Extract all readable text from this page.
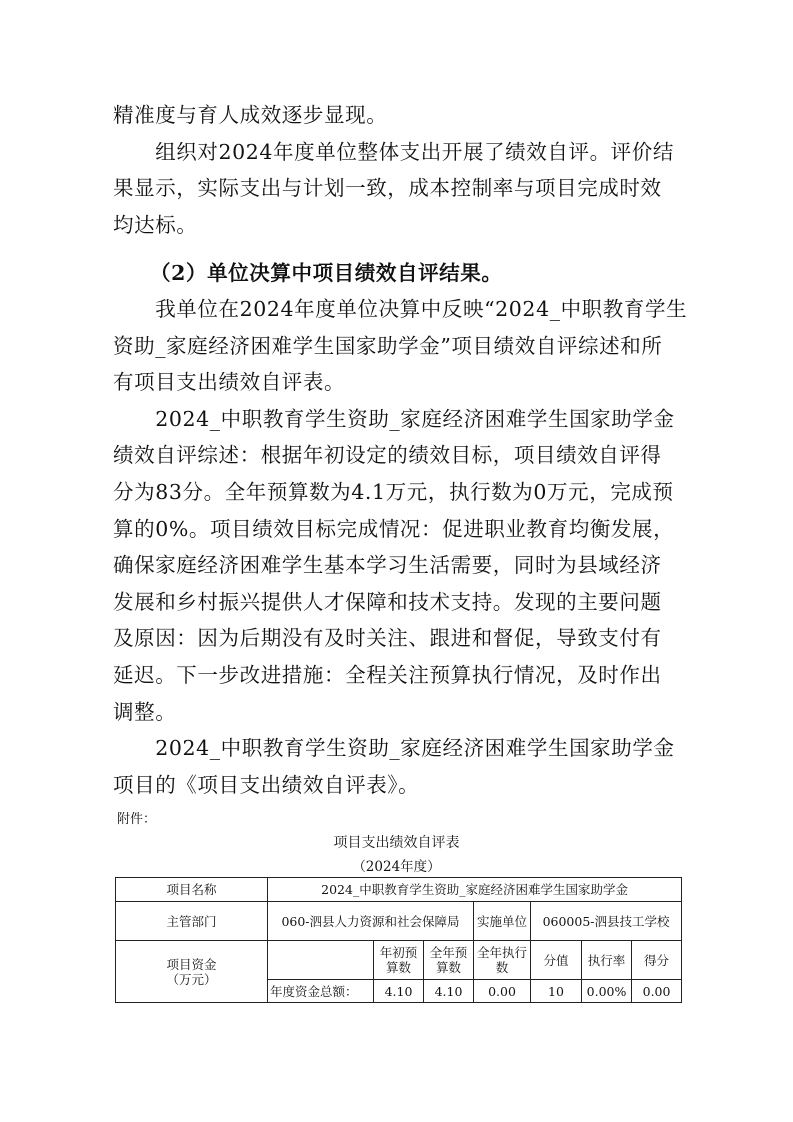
精准度与育人成效逐步显现。

　　组织对2024年度单位整体支出开展了绩效自评。评价结

果显示，实际支出与计划一致，成本控制率与项目完成时效

均达标。

（2）单位决算中项目绩效自评结果。

　　我单位在2024年度单位决算中反映“2024_中职教育学生

资助_家庭经济困难学生国家助学金”项目绩效自评综述和所

有项目支出绩效自评表。

　　2024_中职教育学生资助_家庭经济困难学生国家助学金

绩效自评综述：根据年初设定的绩效目标，项目绩效自评得

分为83分。全年预算数为4.1万元，执行数为0万元，完成预

算的0%。项目绩效目标完成情况：促进职业教育均衡发展，

确保家庭经济困难学生基本学习生活需要，同时为县域经济

发展和乡村振兴提供人才保障和技术支持。发现的主要问题

及原因：因为后期没有及时关注、跟进和督促，导致支付有

延迟。下一步改进措施：全程关注预算执行情况，及时作出

调整。

　　2024_中职教育学生资助_家庭经济困难学生国家助学金

项目的《项目支出绩效自评表》。

附件：
项目支出绩效自评表
（2024年度）
项目名称	2024_中职教育学生资助_家庭经济困难学生国家助学金						
主管部门	060-泗县人力资源和社会保障局			实施单位	060005-泗县技工学校		
项目资金
（万元）		年初预算数	全年预算数	全年执行数	分值	执行率	得分
	年度资金总额：	4.10	4.10	0.00	10	0.00%	0.00
